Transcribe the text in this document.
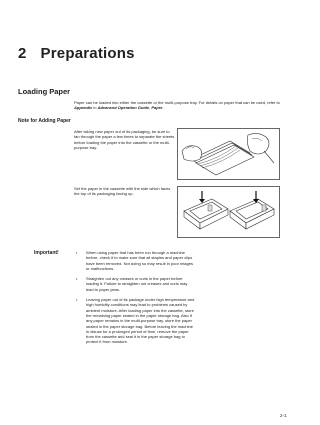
2 Preparations
Loading Paper
Paper can be loaded into either the cassette or the multi-purpose tray. For details on paper that can be used, refer to Appendix in Advanced Operation Guide, Paper.
Note for Adding Paper
After taking new paper out of its packaging, be sure to fan through the paper a few times to separate the sheets before loading the paper into the cassette or the multi-purpose tray.
Set the paper in the cassette with the side which faces the top of its packaging facing up.
Important!	• When using paper that has been run through a machine before, check it to make sure that all staples and paper clips have been removed. Not doing so may result in poor images or malfunctions.
• Straighten out any creases or curls in the paper before loading it. Failure to straighten out creases and curls may lead to paper jams.
• Leaving paper out of its package under high temperature and high humidity conditions may lead to problems caused by ambient moisture. After loading paper into the cassette, store the remaining paper sealed in the paper storage bag. Also if any paper remains in the multi-purpose tray, store the paper sealed in the paper storage bag. Before leaving the machine in disuse for a prolonged period of time, remove the paper from the cassette and seal it in the paper storage bag to protect it from moisture.
2-1
